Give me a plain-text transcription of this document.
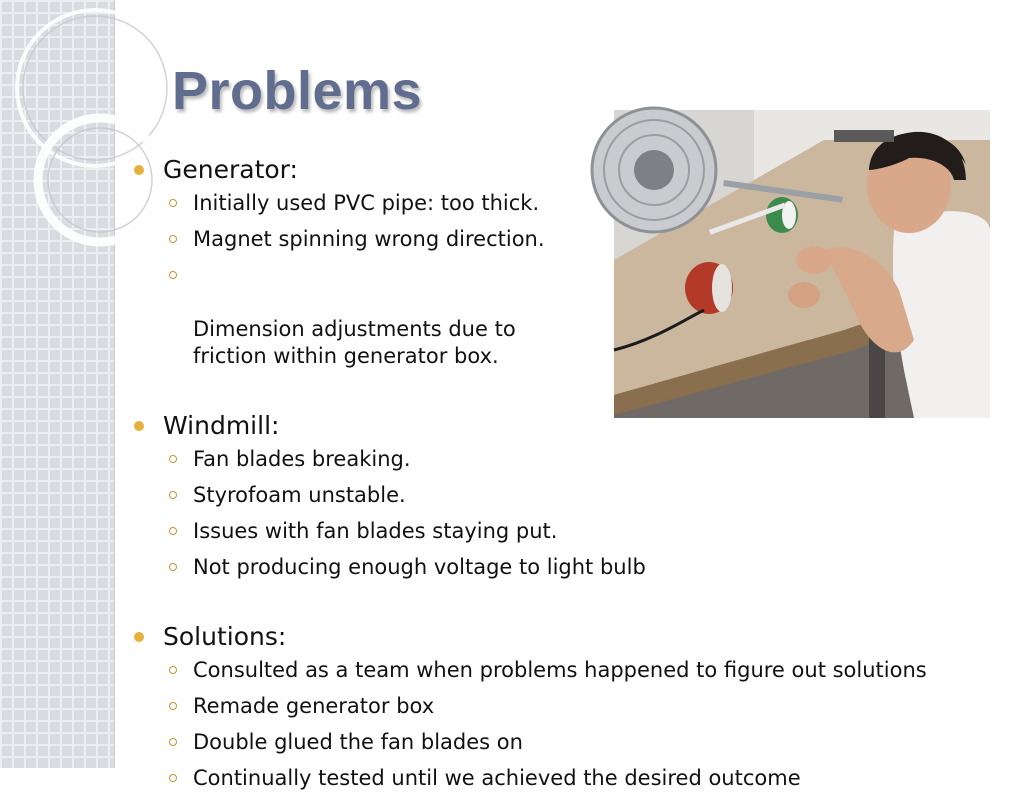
Problems

Generator:

Initially used PVC pipe: too thick.
Magnet spinning wrong direction.

Dimension adjustments due to
friction within generator box.

Windmill:

Fan blades breaking.
Styrofoam unstable.
Issues with fan blades staying put.
Not producing enough voltage to light bulb

Solutions:

Consulted as a team when problems happened to figure out solutions
Remade generator box
Double glued the fan blades on
Continually tested until we achieved the desired outcome
